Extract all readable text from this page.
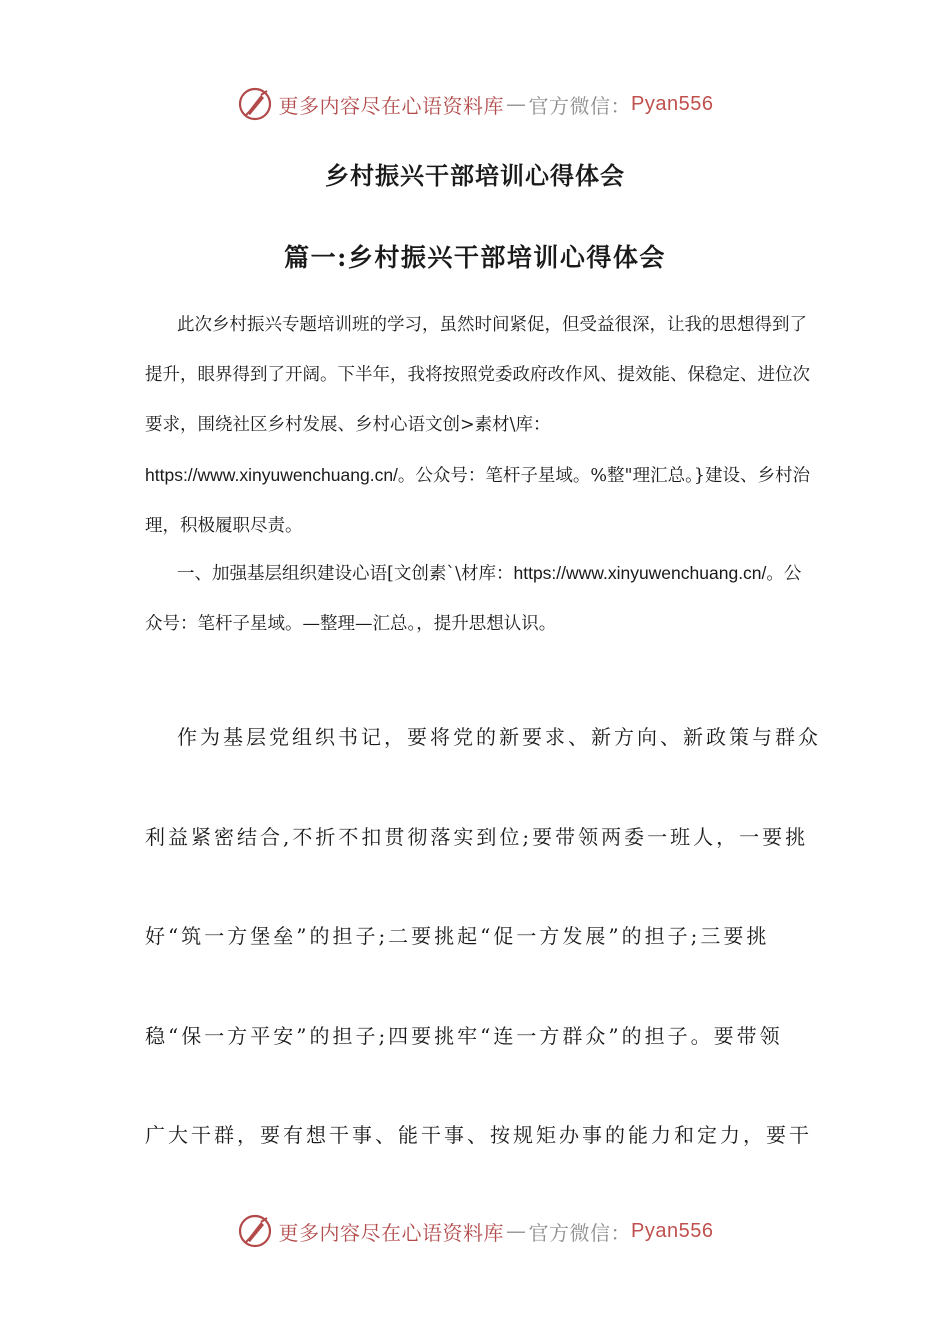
更多内容尽在心语资料库 — 官方微信： Pyan556
乡村振兴干部培训心得体会
篇一:乡村振兴干部培训心得体会

此次乡村振兴专题培训班的学习，虽然时间紧促，但受益很深，让我的思想得到了提升，眼界得到了开阔。下半年，我将按照党委政府改作风、提效能、保稳定、进位次要求，围绕社区乡村发展、乡村心语文创>素材\库：https://www.xinyuwenchuang.cn/。公众号：笔杆子星域。%整"理汇总。}建设、乡村治理，积极履职尽责。

一、加强基层组织建设心语[文创素`\材库：https://www.xinyuwenchuang.cn/。公众号：笔杆子星域。—整理—汇总。，提升思想认识。

作为基层党组织书记，要将党的新要求、新方向、新政策与群众

利益紧密结合,不折不扣贯彻落实到位;要带领两委一班人，一要挑

好“筑一方堡垒”的担子;二要挑起“促一方发展”的担子;三要挑

稳“保一方平安”的担子;四要挑牢“连一方群众”的担子。要带领

广大干群，要有想干事、能干事、按规矩办事的能力和定力，要干

更多内容尽在心语资料库 — 官方微信： Pyan556
